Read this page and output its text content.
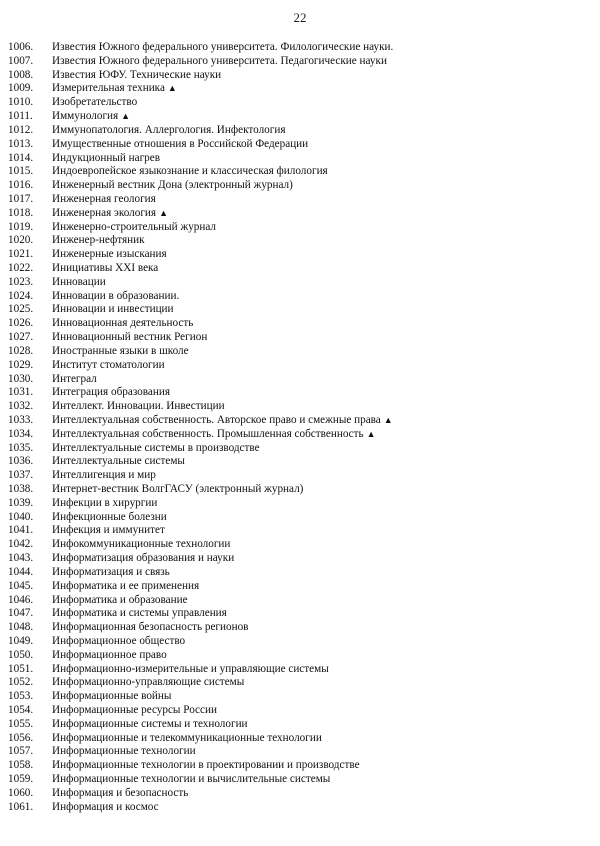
22
1006. Известия Южного федерального университета. Филологические науки.
1007. Известия Южного федерального университета. Педагогические науки
1008. Известия ЮФУ. Технические науки
1009. Измерительная техника ▲
1010. Изобретательство
1011. Иммунология ▲
1012. Иммунопатология. Аллергология. Инфектология
1013. Имущественные отношения в Российской Федерации
1014. Индукционный нагрев
1015. Индоевропейское языкознание и классическая филология
1016. Инженерный вестник Дона (электронный журнал)
1017. Инженерная геология
1018. Инженерная экология ▲
1019. Инженерно-строительный журнал
1020. Инженер-нефтяник
1021. Инженерные изыскания
1022. Инициативы XXI века
1023. Инновации
1024. Инновации в образовании.
1025. Инновации и инвестиции
1026. Инновационная деятельность
1027. Инновационный вестник Регион
1028. Иностранные языки в школе
1029. Институт стоматологии
1030. Интеграл
1031. Интеграция образования
1032. Интеллект. Инновации. Инвестиции
1033. Интеллектуальная собственность. Авторское право и смежные права ▲
1034. Интеллектуальная собственность. Промышленная собственность ▲
1035. Интеллектуальные системы в производстве
1036. Интеллектуальные системы
1037. Интеллигенция и мир
1038. Интернет-вестник ВолгГАСУ (электронный журнал)
1039. Инфекции в хирургии
1040. Инфекционные болезни
1041. Инфекция и иммунитет
1042. Инфокоммуникационные технологии
1043. Информатизация образования и науки
1044. Информатизация и связь
1045. Информатика и ее применения
1046. Информатика и образование
1047. Информатика и системы управления
1048. Информационная безопасность регионов
1049. Информационное общество
1050. Информационное право
1051. Информационно-измерительные и управляющие системы
1052. Информационно-управляющие системы
1053. Информационные войны
1054. Информационные ресурсы России
1055. Информационные системы и технологии
1056. Информационные и телекоммуникационные технологии
1057. Информационные технологии
1058. Информационные технологии в проектировании и производстве
1059. Информационные технологии и вычислительные системы
1060. Информация и безопасность
1061. Информация и космос
